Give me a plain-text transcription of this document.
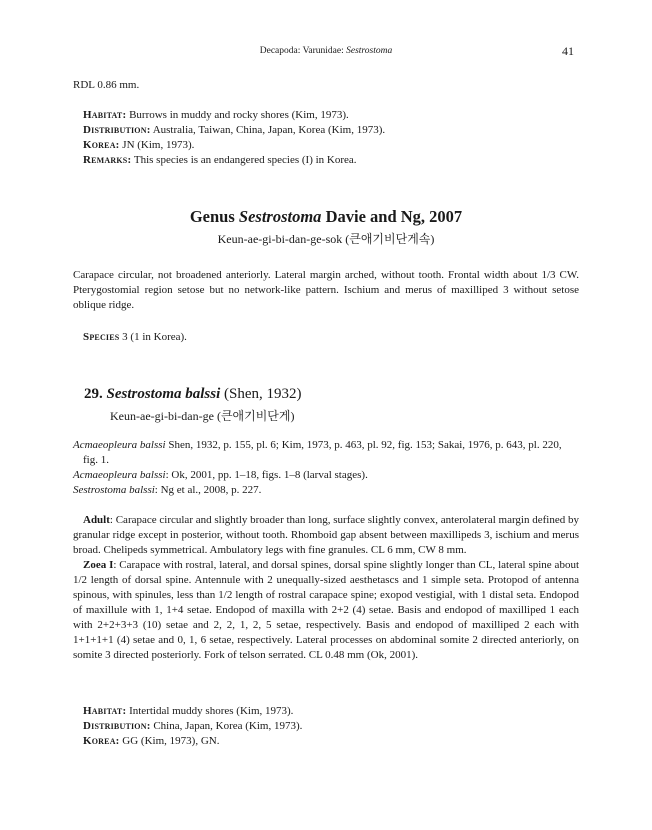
Decapoda: Varunidae: Sestrostoma	41
RDL 0.86 mm.

Habitat: Burrows in muddy and rocky shores (Kim, 1973).

Distribution: Australia, Taiwan, China, Japan, Korea (Kim, 1973).

Korea: JN (Kim, 1973).

Remarks: This species is an endangered species (I) in Korea.

Genus Sestrostoma Davie and Ng, 2007
Keun-ae-gi-bi-dan-ge-sok (큰애기비단게속)
Carapace circular, not broadened anteriorly. Lateral margin arched, without tooth. Frontal width about 1/3 CW. Pterygostomial region setose but no network-like pattern. Ischium and merus of maxilliped 3 without setose oblique ridge.
Species 3 (1 in Korea).
29. Sestrostoma balssi (Shen, 1932)
Keun-ae-gi-bi-dan-ge (큰애기비단게)

Acmaeopleura balssi Shen, 1932, p. 155, pl. 6; Kim, 1973, p. 463, pl. 92, fig. 153; Sakai, 1976, p. 643, pl. 220, fig. 1.

Acmaeopleura balssi: Ok, 2001, pp. 1–18, figs. 1–8 (larval stages).

Sestrostoma balssi: Ng et al., 2008, p. 227.

Adult: Carapace circular and slightly broader than long, surface slightly convex, anterolateral margin defined by granular ridge except in posterior, without tooth. Rhomboid gap absent between maxillipeds 3, ischium and merus broad. Chelipeds symmetrical. Ambulatory legs with fine granules. CL 6 mm, CW 8 mm.

Zoea I: Carapace with rostral, lateral, and dorsal spines, dorsal spine slightly longer than CL, lateral spine about 1/2 length of dorsal spine. Antennule with 2 unequally-sized aesthetascs and 1 simple seta. Protopod of antenna spinous, with spinules, less than 1/2 length of rostral carapace spine; exopod vestigial, with 1 distal seta. Endopod of maxillule with 1, 1+4 setae. Endopod of maxilla with 2+2 (4) setae. Basis and endopod of maxilliped 1 each with 2+2+3+3 (10) setae and 2, 2, 1, 2, 5 setae, respectively. Basis and endopod of maxilliped 2 each with 1+1+1+1 (4) setae and 0, 1, 6 setae, respectively. Lateral processes on abdominal somite 2 directed anteriorly, on somite 3 directed posteriorly. Fork of telson serrated. CL 0.48 mm (Ok, 2001).

Habitat: Intertidal muddy shores (Kim, 1973).

Distribution: China, Japan, Korea (Kim, 1973).

Korea: GG (Kim, 1973), GN.
